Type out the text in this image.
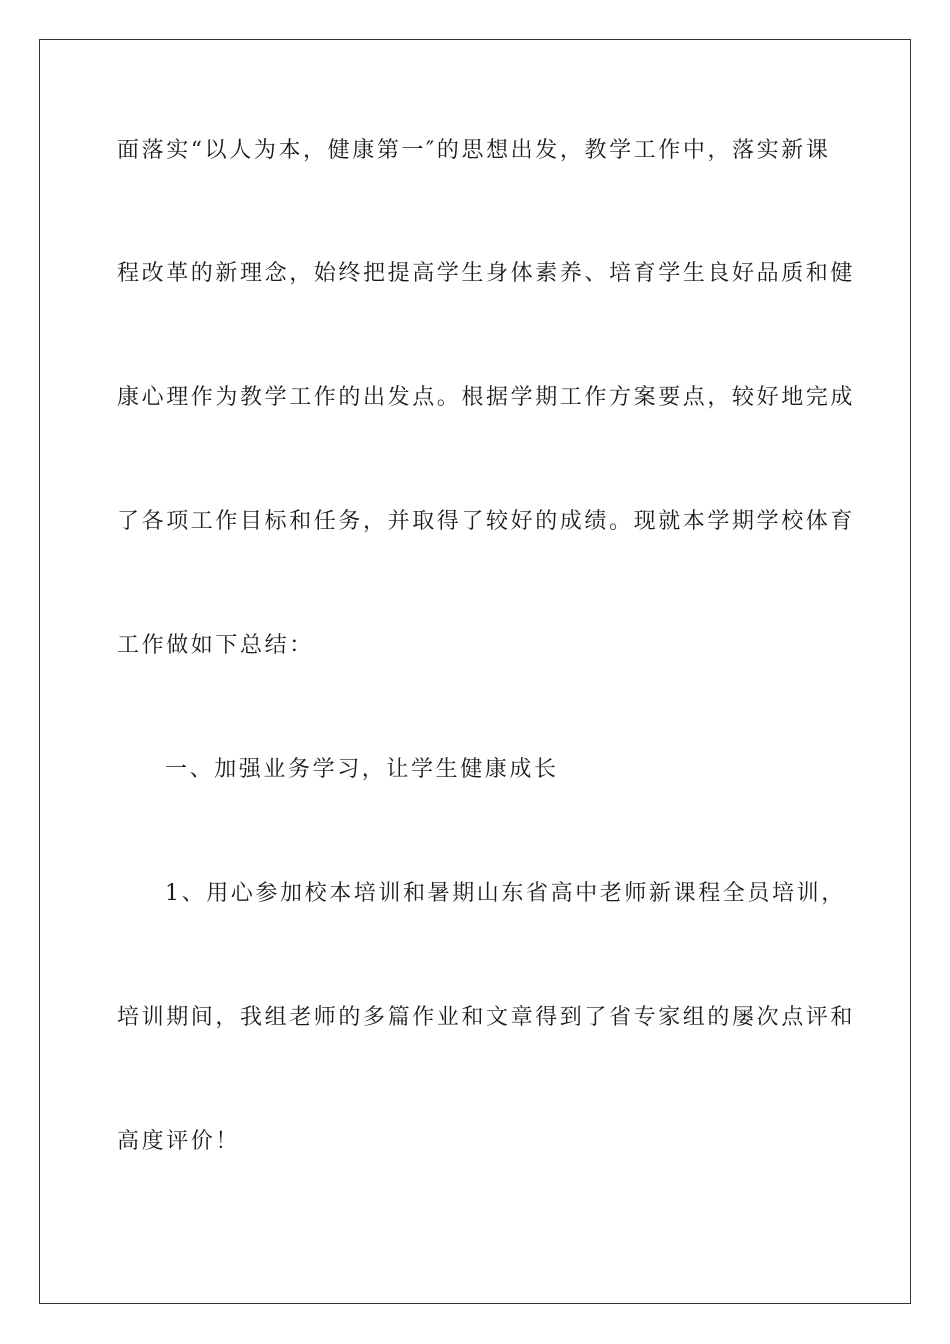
面落实“以人为本，健康第一″的思想出发，教学工作中，落实新课
程改革的新理念，始终把提高学生身体素养、培育学生良好品质和健
康心理作为教学工作的出发点。根据学期工作方案要点，较好地完成
了各项工作目标和任务，并取得了较好的成绩。现就本学期学校体育
工作做如下总结：
一、加强业务学习，让学生健康成长
1、用心参加校本培训和暑期山东省高中老师新课程全员培训，
培训期间，我组老师的多篇作业和文章得到了省专家组的屡次点评和
高度评价！
